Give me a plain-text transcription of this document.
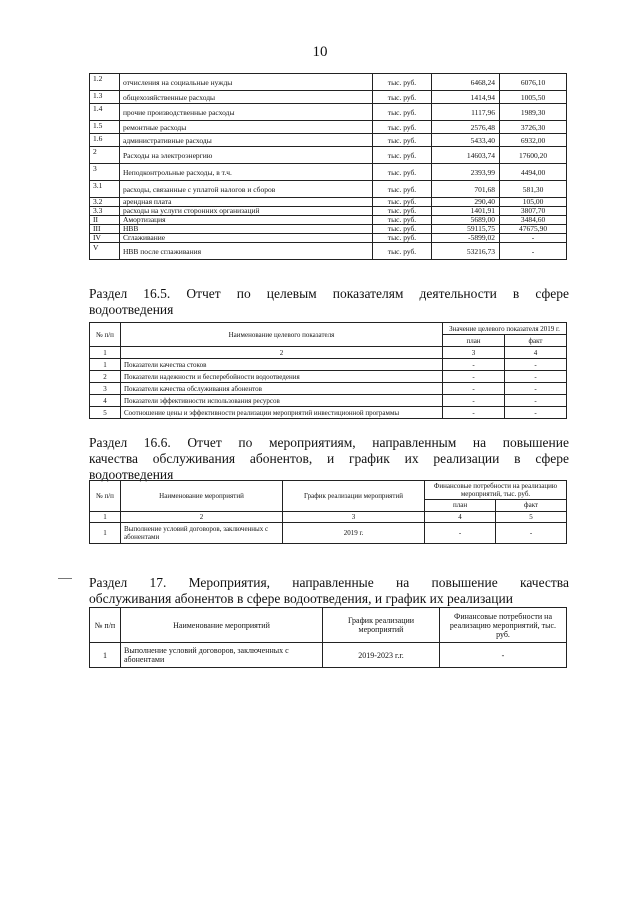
10
1.2	отчисления на социальные нужды	тыс. руб.	6468,24	6076,10
1.3	общехозяйственные расходы	тыс. руб.	1414,94	1005,50
1.4	прочие производственные расходы	тыс. руб.	1117,96	1989,30
1.5	ремонтные расходы	тыс. руб.	2576,48	3726,30
1.6	административные расходы	тыс. руб.	5433,40	6932,00
2	Расходы на электроэнергию	тыс. руб.	14603,74	17600,20
3	Неподконтрольные расходы, в т.ч.	тыс. руб.	2393,99	4494,00
3.1	расходы, связанные с уплатой налогов и сборов	тыс. руб.	701,68	581,30
3.2	арендная плата	тыс. руб.	290,40	105,00
3.3	расходы на услуги сторонних организаций	тыс. руб.	1401,91	3807,70
II	Амортизация	тыс. руб.	5689,00	3484,60
III	НВВ	тыс. руб.	59115,75	47675,90
IV	Сглаживание	тыс. руб.	-5899,02	-
V	НВВ после сглаживания	тыс. руб.	53216,73	-
Раздел 16.5. Отчет по целевым показателям деятельности в сфере
водоотведения
№ п/п	Наименование целевого показателя	Значение целевого показателя 2019 г.	
		план	факт
1	2	3	4
1	Показатели качества стоков	-	-
2	Показатели надежности и бесперебойности водоотведения	-	-
3	Показатели качества обслуживания абонентов	-	-
4	Показатели эффективности использования ресурсов	-	-
5	Соотношение цены и эффективности реализации мероприятий инвестиционной программы	-	-
Раздел 16.6. Отчет по мероприятиям, направленным на повышение
качества обслуживания абонентов, и график их реализации в сфере
водоотведения
№ п/п	Наименование мероприятий	График реализации мероприятий	Финансовые потребности на реализацию мероприятий, тыс. руб.	
			план	факт
1	2	3	4	5
1	Выполнение условий договоров, заключенных с абонентами	2019 г.	-	-
Раздел 17. Мероприятия, направленные на повышение качества
обслуживания абонентов в сфере водоотведения, и график их реализации
№ п/п	Наименование мероприятий	График реализации мероприятий	Финансовые потребности на реализацию мероприятий, тыс. руб.
1	Выполнение условий договоров, заключенных с абонентами	2019-2023 г.г.	-
